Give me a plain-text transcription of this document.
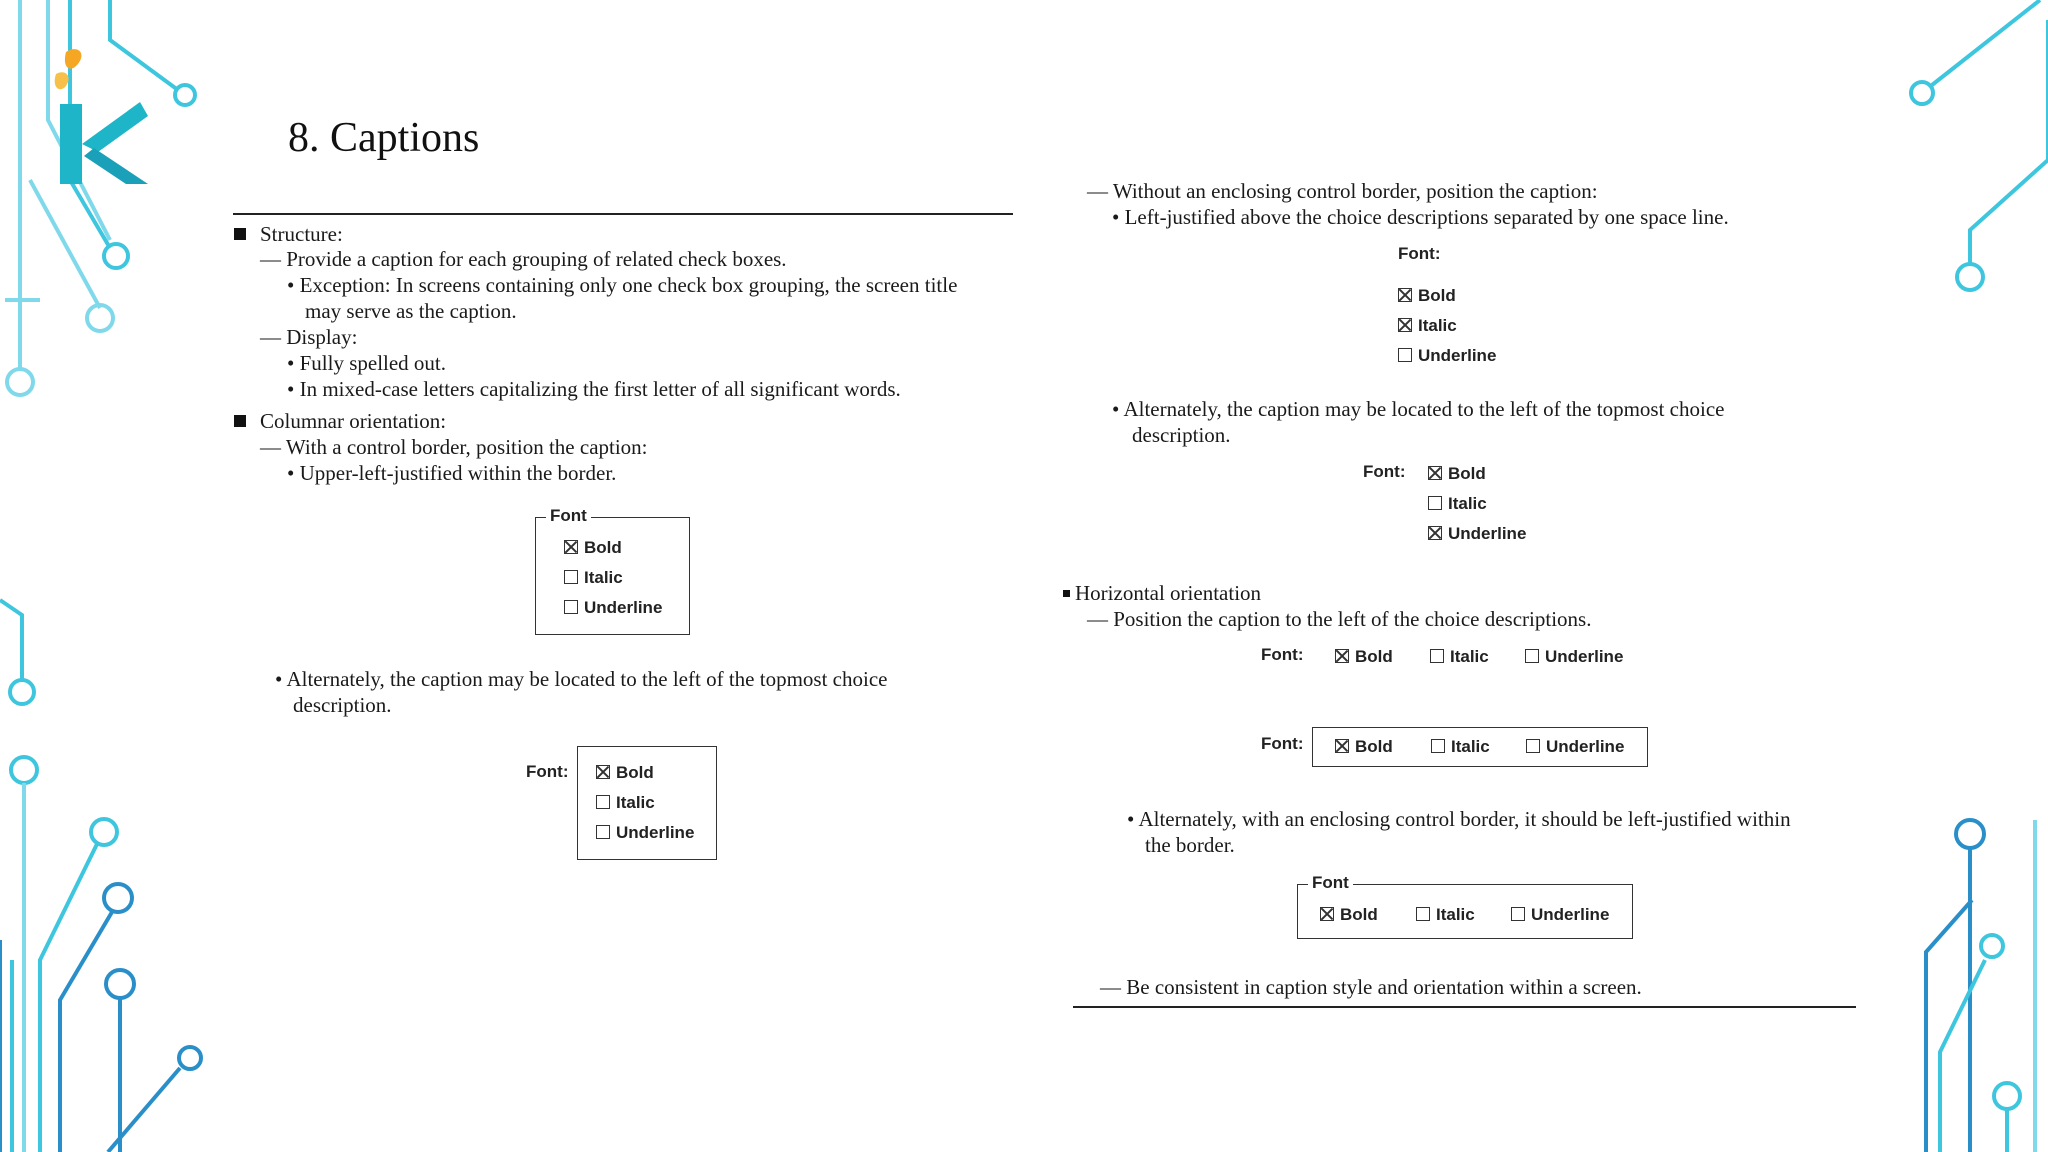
8. Captions
Structure:
— Provide a caption for each grouping of related check boxes.
• Exception: In screens containing only one check box grouping, the screen title
may serve as the caption.
— Display:
• Fully spelled out.
• In mixed-case letters capitalizing the first letter of all significant words.
Columnar orientation:
— With a control border, position the caption:
• Upper-left-justified within the border.
Font
Bold
Italic
Underline
• Alternately, the caption may be located to the left of the topmost choice
description.
Font:	Bold
Italic
Underline
— Without an enclosing control border, position the caption:
• Left-justified above the choice descriptions separated by one space line.
Font:
Bold
Italic
Underline
• Alternately, the caption may be located to the left of the topmost choice
description.
Font:	Bold
Italic
Underline
Horizontal orientation
— Position the caption to the left of the choice descriptions.
Font:	Bold	Italic	Underline
Font:	Bold	Italic	Underline
• Alternately, with an enclosing control border, it should be left-justified within
the border.
Font
Bold	Italic	Underline
— Be consistent in caption style and orientation within a screen.
